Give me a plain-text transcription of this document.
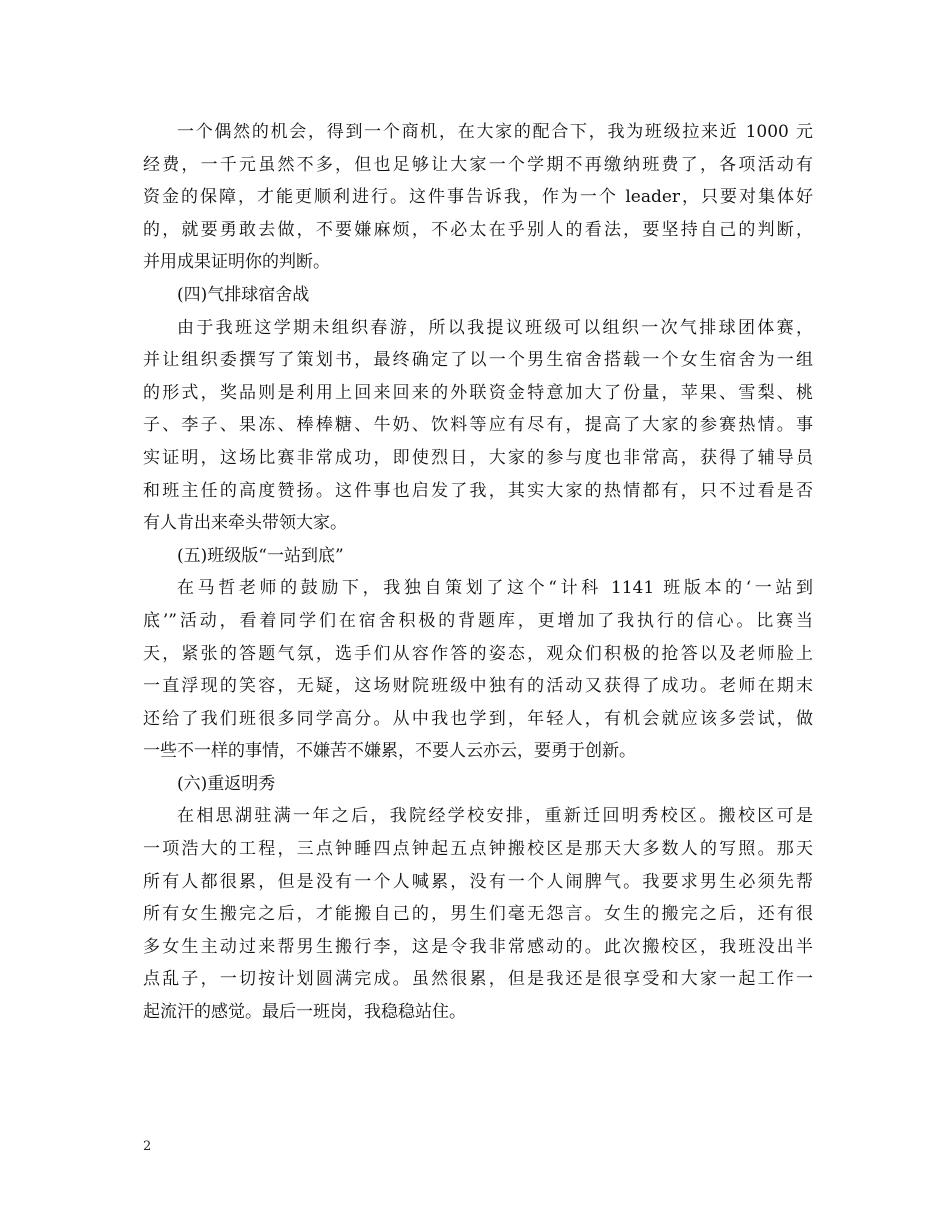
一个偶然的机会，得到一个商机，在大家的配合下，我为班级拉来近 1000 元
经费，一千元虽然不多，但也足够让大家一个学期不再缴纳班费了，各项活动有
资金的保障，才能更顺利进行。这件事告诉我，作为一个 leader，只要对集体好
的，就要勇敢去做，不要嫌麻烦，不必太在乎别人的看法，要坚持自己的判断，
并用成果证明你的判断。
(四)气排球宿舍战
由于我班这学期未组织春游，所以我提议班级可以组织一次气排球团体赛，
并让组织委撰写了策划书，最终确定了以一个男生宿舍搭载一个女生宿舍为一组
的形式，奖品则是利用上回来回来的外联资金特意加大了份量，苹果、雪梨、桃
子、李子、果冻、棒棒糖、牛奶、饮料等应有尽有，提高了大家的参赛热情。事
实证明，这场比赛非常成功，即使烈日，大家的参与度也非常高，获得了辅导员
和班主任的高度赞扬。这件事也启发了我，其实大家的热情都有，只不过看是否
有人肯出来牵头带领大家。
(五)班级版“一站到底”
在马哲老师的鼓励下，我独自策划了这个“计科 1141 班版本的‘一站到
底’”活动，看着同学们在宿舍积极的背题库，更增加了我执行的信心。比赛当
天，紧张的答题气氛，选手们从容作答的姿态，观众们积极的抢答以及老师脸上
一直浮现的笑容，无疑，这场财院班级中独有的活动又获得了成功。老师在期末
还给了我们班很多同学高分。从中我也学到，年轻人，有机会就应该多尝试，做
一些不一样的事情，不嫌苦不嫌累，不要人云亦云，要勇于创新。
(六)重返明秀
在相思湖驻满一年之后，我院经学校安排，重新迁回明秀校区。搬校区可是
一项浩大的工程，三点钟睡四点钟起五点钟搬校区是那天大多数人的写照。那天
所有人都很累，但是没有一个人喊累，没有一个人闹脾气。我要求男生必须先帮
所有女生搬完之后，才能搬自己的，男生们毫无怨言。女生的搬完之后，还有很
多女生主动过来帮男生搬行李，这是令我非常感动的。此次搬校区，我班没出半
点乱子，一切按计划圆满完成。虽然很累，但是我还是很享受和大家一起工作一
起流汗的感觉。最后一班岗，我稳稳站住。
2
